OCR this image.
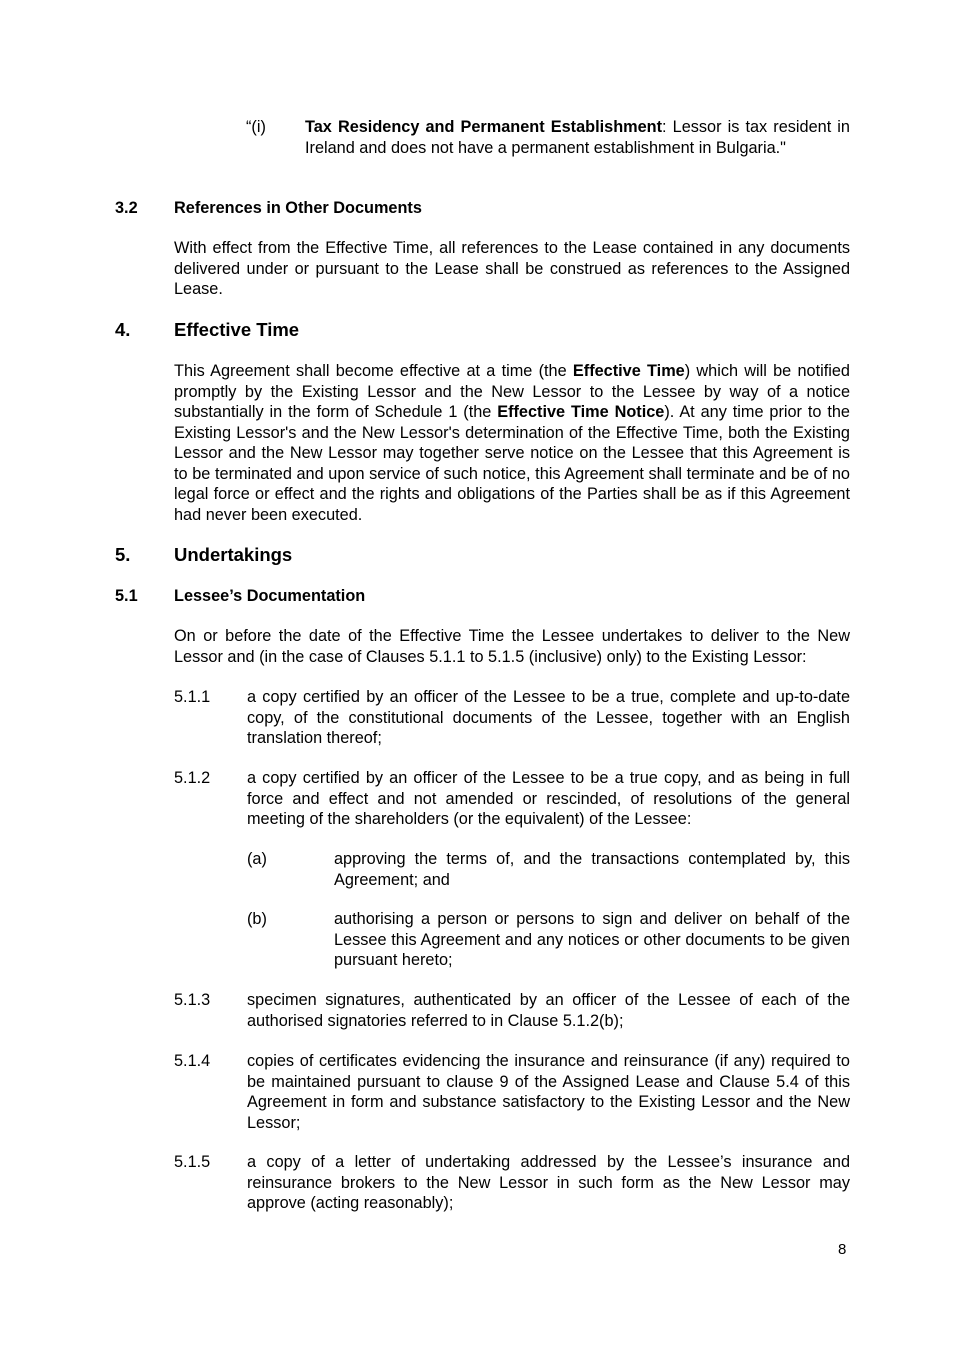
“(i) Tax Residency and Permanent Establishment: Lessor is tax resident in Ireland and does not have a permanent establishment in Bulgaria."
3.2 References in Other Documents
With effect from the Effective Time, all references to the Lease contained in any documents delivered under or pursuant to the Lease shall be construed as references to the Assigned Lease.
4. Effective Time
This Agreement shall become effective at a time (the Effective Time) which will be notified promptly by the Existing Lessor and the New Lessor to the Lessee by way of a notice substantially in the form of Schedule 1 (the Effective Time Notice). At any time prior to the Existing Lessor's and the New Lessor's determination of the Effective Time, both the Existing Lessor and the New Lessor may together serve notice on the Lessee that this Agreement is to be terminated and upon service of such notice, this Agreement shall terminate and be of no legal force or effect and the rights and obligations of the Parties shall be as if this Agreement had never been executed.
5. Undertakings
5.1 Lessee’s Documentation
On or before the date of the Effective Time the Lessee undertakes to deliver to the New Lessor and (in the case of Clauses 5.1.1 to 5.1.5 (inclusive) only) to the Existing Lessor:
5.1.1 a copy certified by an officer of the Lessee to be a true, complete and up-to-date copy, of the constitutional documents of the Lessee, together with an English translation thereof;
5.1.2 a copy certified by an officer of the Lessee to be a true copy, and as being in full force and effect and not amended or rescinded, of resolutions of the general meeting of the shareholders (or the equivalent) of the Lessee:
(a)	approving the terms of, and the transactions contemplated by, this Agreement; and
(b)	authorising a person or persons to sign and deliver on behalf of the Lessee this Agreement and any notices or other documents to be given pursuant hereto;
5.1.3 specimen signatures, authenticated by an officer of the Lessee of each of the authorised signatories referred to in Clause 5.1.2(b);
5.1.4 copies of certificates evidencing the insurance and reinsurance (if any) required to be maintained pursuant to clause 9 of the Assigned Lease and Clause 5.4 of this Agreement in form and substance satisfactory to the Existing Lessor and the New Lessor;
5.1.5 a copy of a letter of undertaking addressed by the Lessee’s insurance and reinsurance brokers to the New Lessor in such form as the New Lessor may approve (acting reasonably);
8
